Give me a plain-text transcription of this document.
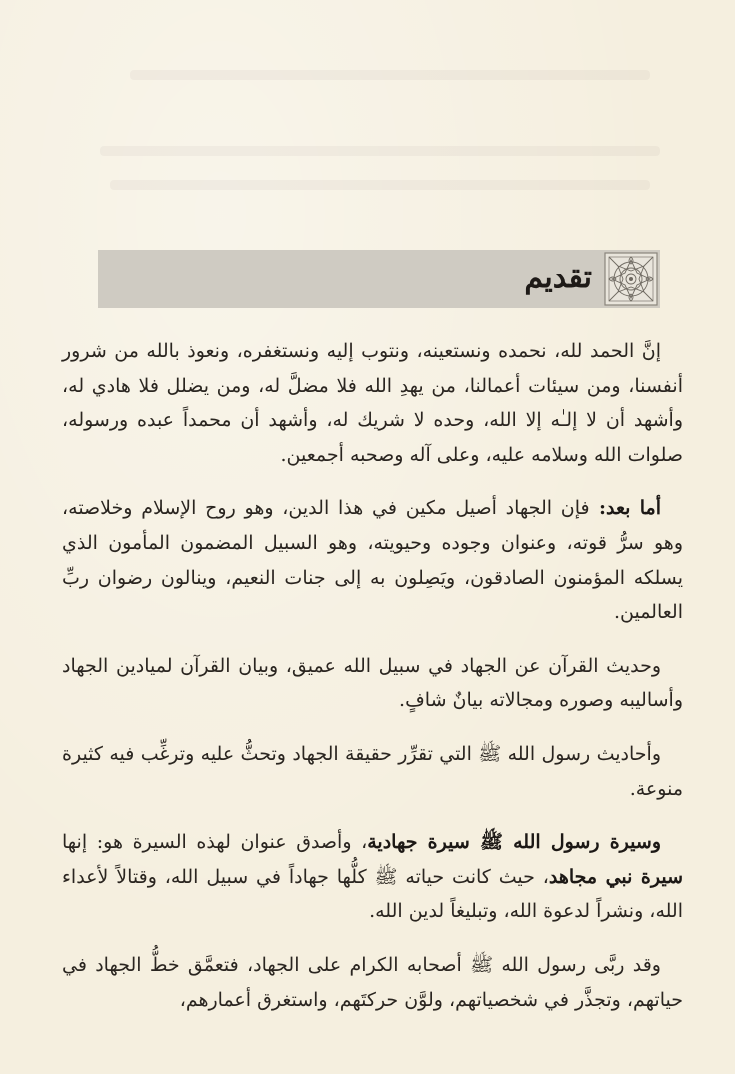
تقديم

إنَّ الحمد لله، نحمده ونستعينه، ونتوب إليه ونستغفره، ونعوذ بالله من شرور أنفسنا، ومن سيئات أعمالنا، من يهدِ الله فلا مضلَّ له، ومن يضلل فلا هادي له، وأشهد أن لا إلـٰه إلا الله، وحده لا شريك له، وأشهد أن محمداً عبده ورسوله، صلوات الله وسلامه عليه، وعلى آله وصحبه أجمعين.

أما بعد: فإن الجهاد أصيل مكين في هذا الدين، وهو روح الإسلام وخلاصته، وهو سرُّ قوته، وعنوان وجوده وحيويته، وهو السبيل المضمون المأمون الذي يسلكه المؤمنون الصادقون، ويَصِلون به إلى جنات النعيم، وينالون رضوان ربِّ العالمين.

وحديث القرآن عن الجهاد في سبيل الله عميق، وبيان القرآن لميادين الجهاد وأساليبه وصوره ومجالاته بيانٌ شافٍ.

وأحاديث رسول الله ﷺ التي تقرِّر حقيقة الجهاد وتحثُّ عليه وترغِّب فيه كثيرة منوعة.

وسيرة رسول الله ﷺ سيرة جهادية، وأصدق عنوان لهذه السيرة هو: إنها سيرة نبي مجاهد، حيث كانت حياته ﷺ كلُّها جهاداً في سبيل الله، وقتالاً لأعداء الله، ونشراً لدعوة الله، وتبليغاً لدين الله.

وقد ربَّى رسول الله ﷺ أصحابه الكرام على الجهاد، فتعمَّق خطُّ الجهاد في حياتهم، وتجذَّر في شخصياتهم، ولوَّن حركتَهم، واستغرق أعمارهم،
